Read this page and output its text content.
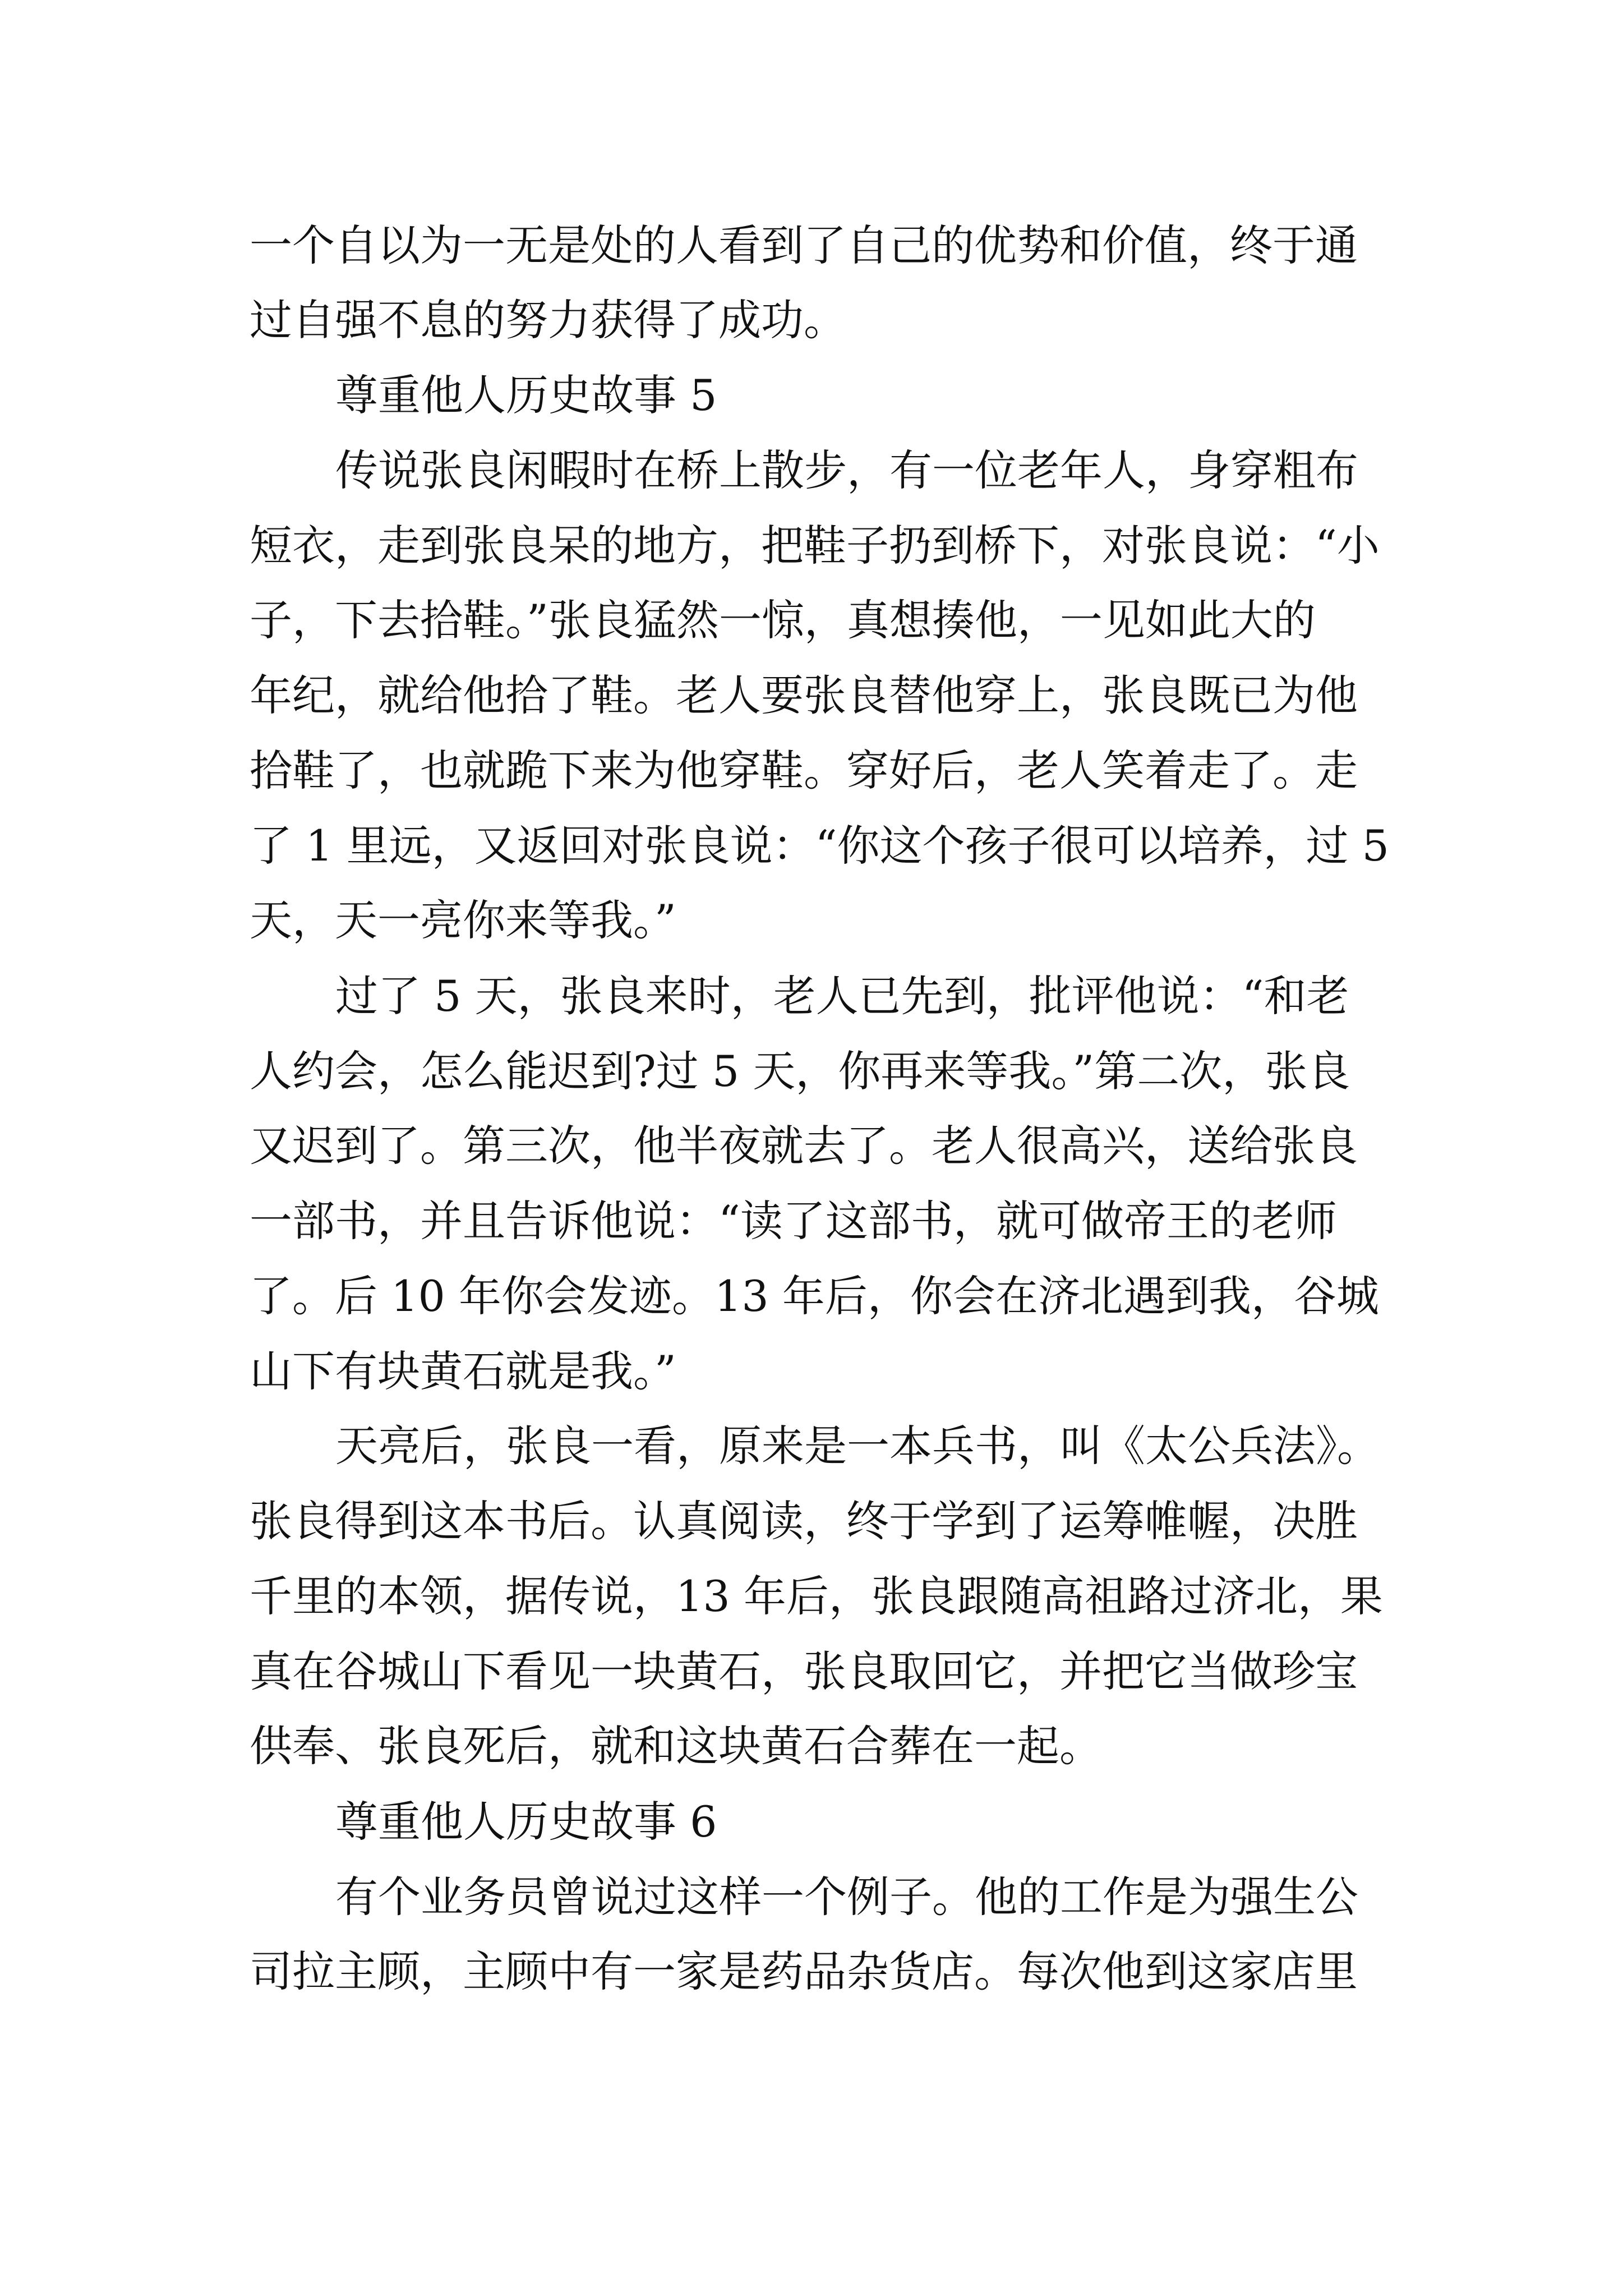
一个自以为一无是处的人看到了自己的优势和价值，终于通
过自强不息的努力获得了成功。
尊重他人历史故事 5
传说张良闲暇时在桥上散步，有一位老年人，身穿粗布
短衣，走到张良呆的地方，把鞋子扔到桥下，对张良说：“小
子，下去拾鞋。”张良猛然一惊，真想揍他，一见如此大的
年纪，就给他拾了鞋。老人要张良替他穿上，张良既已为他
拾鞋了，也就跪下来为他穿鞋。穿好后，老人笑着走了。走
了 1 里远，又返回对张良说：“你这个孩子很可以培养，过 5
天，天一亮你来等我。”
过了 5 天，张良来时，老人已先到，批评他说：“和老
人约会，怎么能迟到?过 5 天，你再来等我。”第二次，张良
又迟到了。第三次，他半夜就去了。老人很高兴，送给张良
一部书，并且告诉他说：“读了这部书，就可做帝王的老师
了。后 10 年你会发迹。13 年后，你会在济北遇到我，谷城
山下有块黄石就是我。”
天亮后，张良一看，原来是一本兵书，叫《太公兵法》。
张良得到这本书后。认真阅读，终于学到了运筹帷幄，决胜
千里的本领，据传说，13 年后，张良跟随高祖路过济北，果
真在谷城山下看见一块黄石，张良取回它，并把它当做珍宝
供奉、张良死后，就和这块黄石合葬在一起。
尊重他人历史故事 6
有个业务员曾说过这样一个例子。他的工作是为强生公
司拉主顾，主顾中有一家是药品杂货店。每次他到这家店里
